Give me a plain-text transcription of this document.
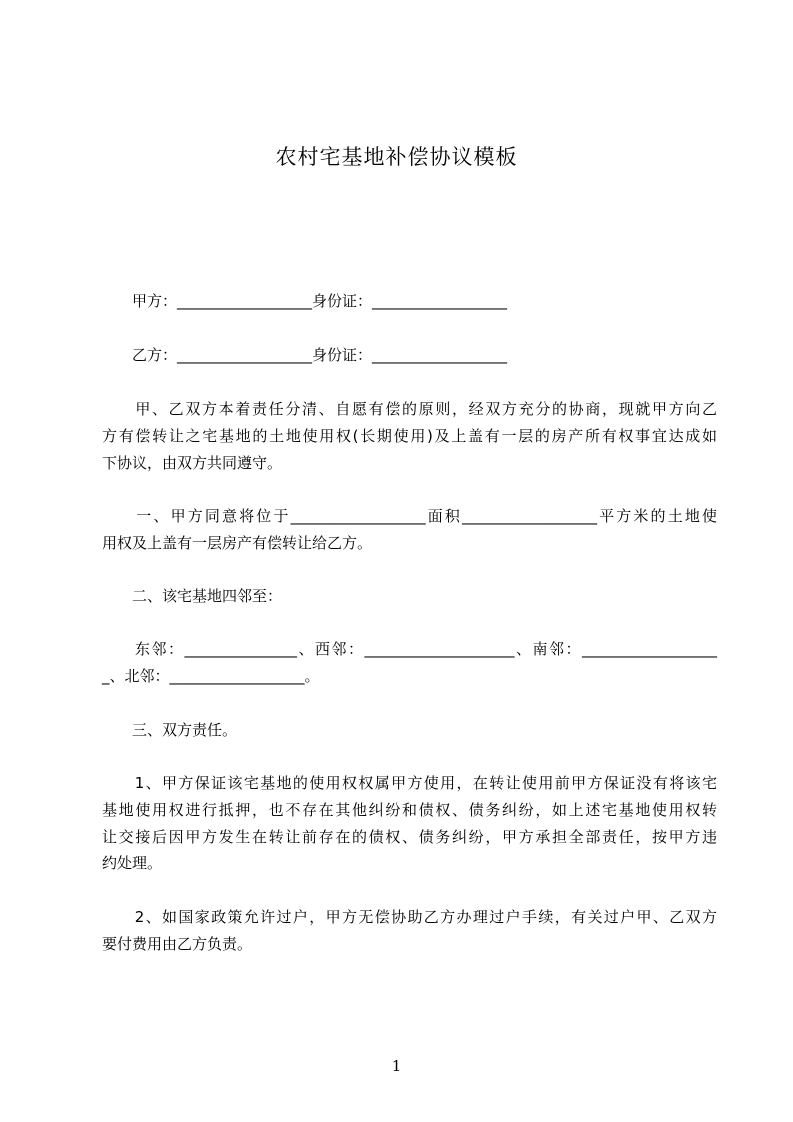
农村宅基地补偿协议模板
　　甲方：__________________身份证：__________________
　　乙方：__________________身份证：__________________
　　甲、乙双方本着责任分清、自愿有偿的原则，经双方充分的协商，现就甲方向乙
方有偿转让之宅基地的土地使用权(长期使用)及上盖有一层的房产所有权事宜达成如
下协议，由双方共同遵守。
　　一、甲方同意将位于__________________面积__________________平方米的土地使
用权及上盖有一层房产有偿转让给乙方。
　　二、该宅基地四邻至：
　　东邻：_______________、西邻：____________________、南邻：__________________
_、北邻：__________________。
　　三、双方责任。
　　1、甲方保证该宅基地的使用权权属甲方使用，在转让使用前甲方保证没有将该宅
基地使用权进行抵押，也不存在其他纠纷和债权、债务纠纷，如上述宅基地使用权转
让交接后因甲方发生在转让前存在的债权、债务纠纷，甲方承担全部责任，按甲方违
约处理。
　　2、如国家政策允许过户，甲方无偿协助乙方办理过户手续，有关过户甲、乙双方
要付费用由乙方负责。
1
